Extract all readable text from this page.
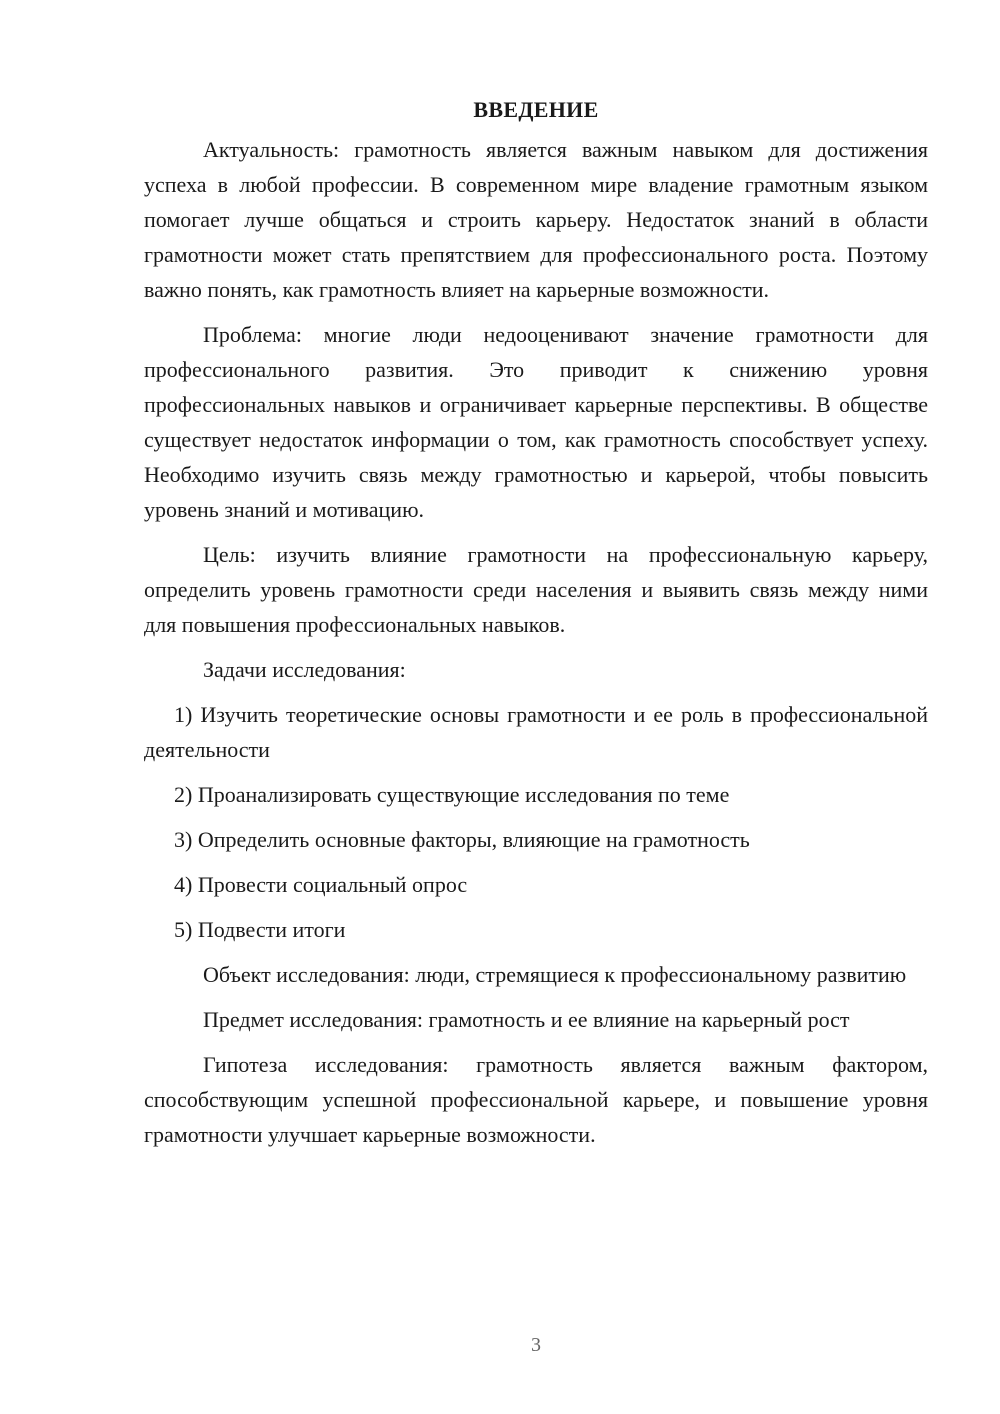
ВВЕДЕНИЕ

Актуальность: грамотность является важным навыком для достижения успеха в любой профессии. В современном мире владение грамотным языком помогает лучше общаться и строить карьеру. Недостаток знаний в области грамотности может стать препятствием для профессионального роста. Поэтому важно понять, как грамотность влияет на карьерные возможности.

Проблема: многие люди недооценивают значение грамотности для профессионального развития. Это приводит к снижению уровня профессиональных навыков и ограничивает карьерные перспективы. В обществе существует недостаток информации о том, как грамотность способствует успеху. Необходимо изучить связь между грамотностью и карьерой, чтобы повысить уровень знаний и мотивацию.

Цель: изучить влияние грамотности на профессиональную карьеру, определить уровень грамотности среди населения и выявить связь между ними для повышения профессиональных навыков.

Задачи исследования:

1) Изучить теоретические основы грамотности и ее роль в профессиональной деятельности

2) Проанализировать существующие исследования по теме

3) Определить основные факторы, влияющие на грамотность

4) Провести социальный опрос

5) Подвести итоги

Объект исследования: люди, стремящиеся к профессиональному развитию

Предмет исследования: грамотность и ее влияние на карьерный рост

Гипотеза исследования: грамотность является важным фактором, способствующим успешной профессиональной карьере, и повышение уровня грамотности улучшает карьерные возможности.

3
